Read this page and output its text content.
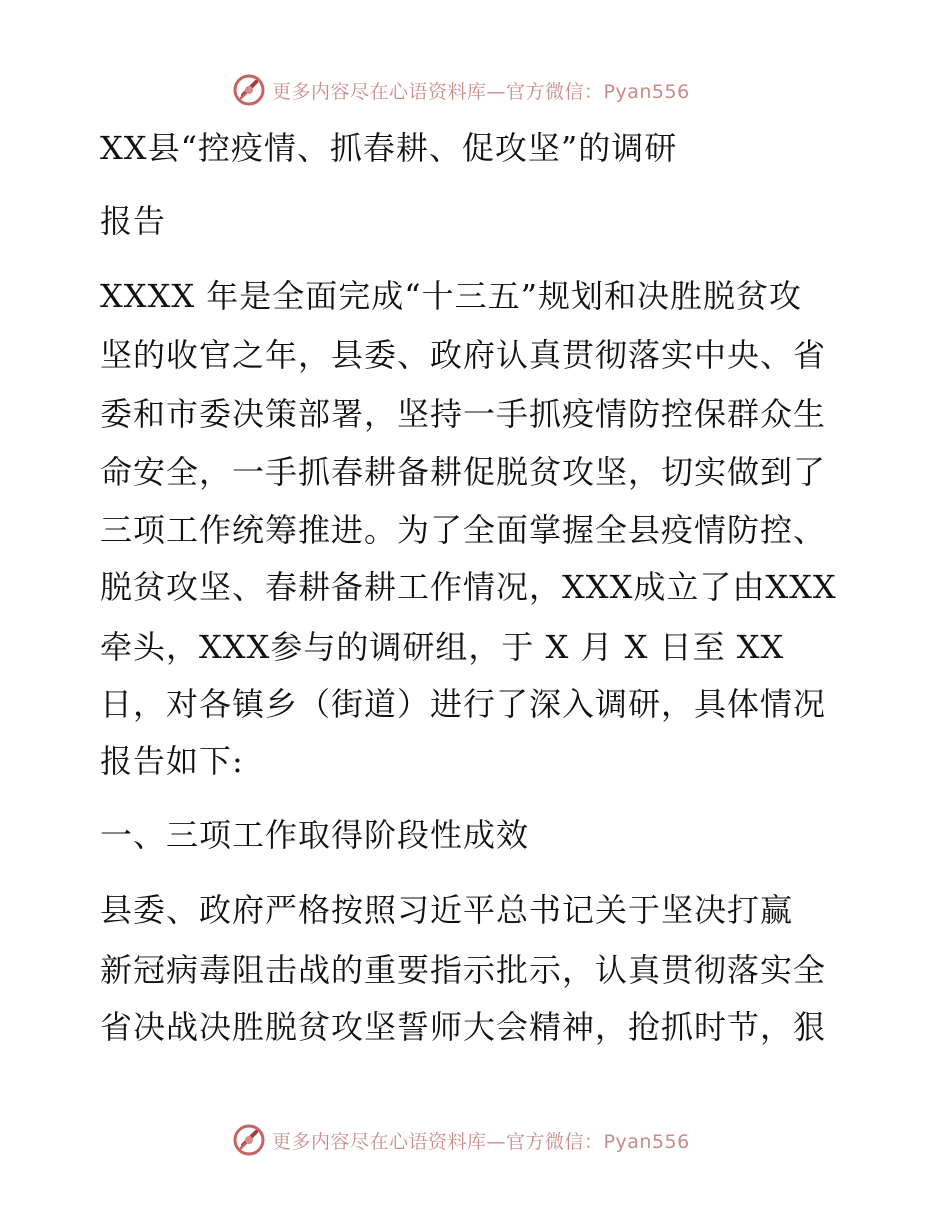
更多内容尽在心语资料库—官方微信：Pyan556
XX县“控疫情、抓春耕、促攻坚”的调研
报告
XXXX 年是全面完成“十三五”规划和决胜脱贫攻
坚的收官之年，县委、政府认真贯彻落实中央、省
委和市委决策部署，坚持一手抓疫情防控保群众生
命安全，一手抓春耕备耕促脱贫攻坚，切实做到了
三项工作统筹推进。为了全面掌握全县疫情防控、
脱贫攻坚、春耕备耕工作情况，XXX成立了由XXX
牵头，XXX参与的调研组，于 X 月 X 日至 XX
日，对各镇乡（街道）进行了深入调研，具体情况
报告如下:
一、三项工作取得阶段性成效
县委、政府严格按照习近平总书记关于坚决打赢
新冠病毒阻击战的重要指示批示，认真贯彻落实全
省决战决胜脱贫攻坚誓师大会精神，抢抓时节，狠
更多内容尽在心语资料库—官方微信：Pyan556
